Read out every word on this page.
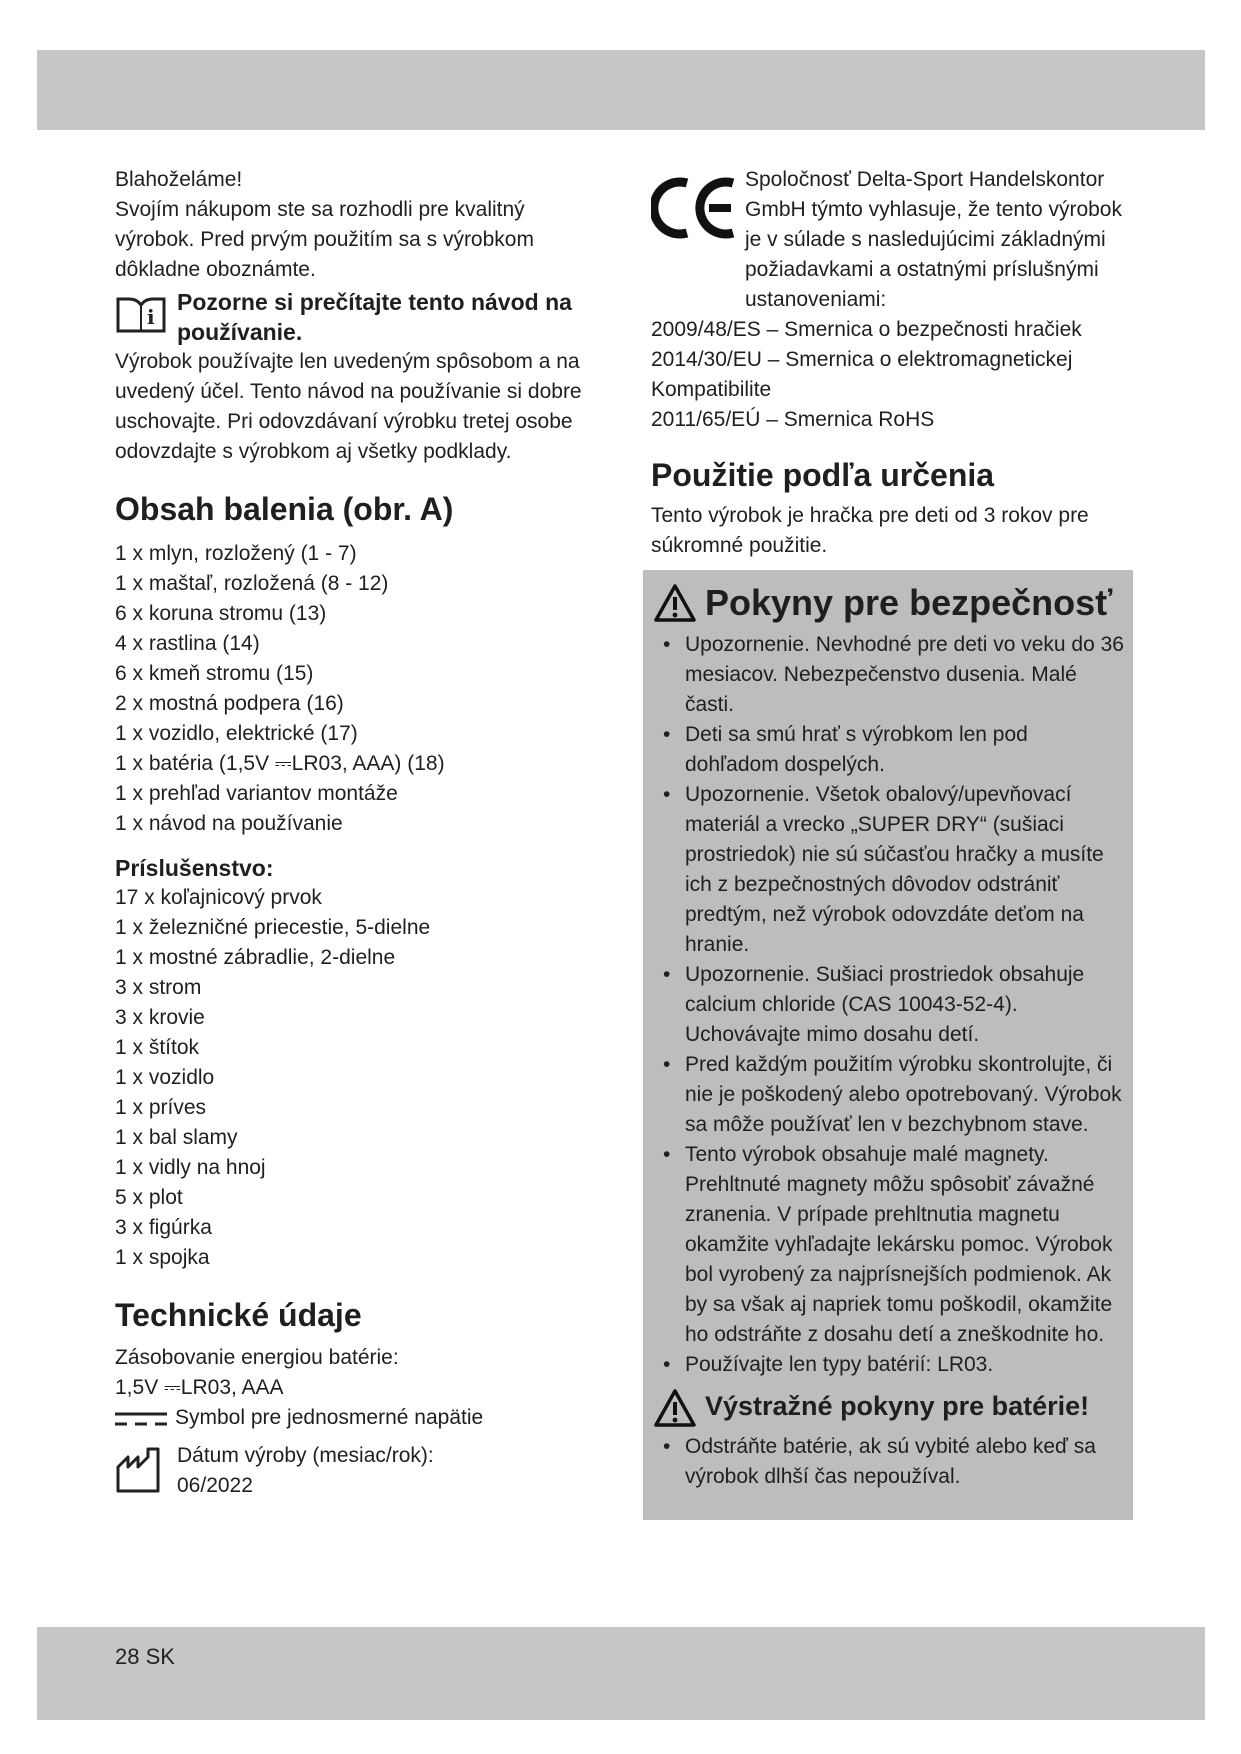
Blahoželáme!

Svojím nákupom ste sa rozhodli pre kvalitný výrobok. Pred prvým použitím sa s výrobkom dôkladne oboznámte.

i
Pozorne si prečítajte tento návod na používanie.

Výrobok používajte len uvedeným spôsobom a na uvedený účel. Tento návod na používanie si dobre uschovajte. Pri odovzdávaní výrobku tretej osobe odovzdajte s výrobkom aj všetky podklady.

Obsah balenia (obr. A)
1 x mlyn, rozložený (1 - 7)
1 x maštaľ, rozložená (8 - 12)
6 x koruna stromu (13)
4 x rastlina (14)
6 x kmeň stromu (15)
2 x mostná podpera (16)
1 x vozidlo, elektrické (17)
1 x batéria (1,5V ⎓LR03, AAA) (18)
1 x prehľad variantov montáže
1 x návod na používanie
Príslušenstvo:
17 x koľajnicový prvok
1 x železničné priecestie, 5-dielne
1 x mostné zábradlie, 2-dielne
3 x strom
3 x krovie
1 x štítok
1 x vozidlo
1 x príves
1 x bal slamy
1 x vidly na hnoj
5 x plot
3 x figúrka
1 x spojka
Technické údaje

Zásobovanie energiou batérie:

1,5V ⎓LR03, AAA

Symbol pre jednosmerné napätie

Dátum výroby (mesiac/rok):

06/2022

Spoločnosť Delta-Sport Handelskontor GmbH týmto vyhlasuje, že tento výrobok je v súlade s nasledujúcimi základnými požiadavkami a ostatnými príslušnými ustanoveniami:

2009/48/ES – Smernica o bezpečnosti hračiek
2014/30/EU – Smernica o elektromagnetickej Kompatibilite
2011/65/EÚ – Smernica RoHS
Použitie podľa určenia

Tento výrobok je hračka pre deti od 3 rokov pre súkromné použitie.

Pokyny pre bezpečnosť
• Upozornenie. Nevhodné pre deti vo veku do 36 mesiacov. Nebezpečenstvo dusenia. Malé časti.
• Deti sa smú hrať s výrobkom len pod dohľadom dospelých.
• Upozornenie. Všetok obalový/upevňovací materiál a vrecko „SUPER DRY“ (sušiaci prostriedok) nie sú súčasťou hračky a musíte ich z bezpečnostných dôvodov odstrániť predtým, než výrobok odovzdáte deťom na hranie.
• Upozornenie. Sušiaci prostriedok obsahuje calcium chloride (CAS 10043-52-4). Uchovávajte mimo dosahu detí.
• Pred každým použitím výrobku skontrolujte, či nie je poškodený alebo opotrebovaný. Výrobok sa môže používať len v bezchybnom stave.
• Tento výrobok obsahuje malé magnety. Prehltnuté magnety môžu spôsobiť závažné zranenia. V prípade prehltnutia magnetu okamžite vyhľadajte lekársku pomoc. Výrobok bol vyrobený za najprísnejších podmienok. Ak by sa však aj napriek tomu poškodil, okamžite ho odstráňte z dosahu detí a zneškodnite ho.
• Používajte len typy batérií: LR03.
Výstražné pokyny pre batérie!
• Odstráňte batérie, ak sú vybité alebo keď sa výrobok dlhší čas nepoužíval.
28 SK
